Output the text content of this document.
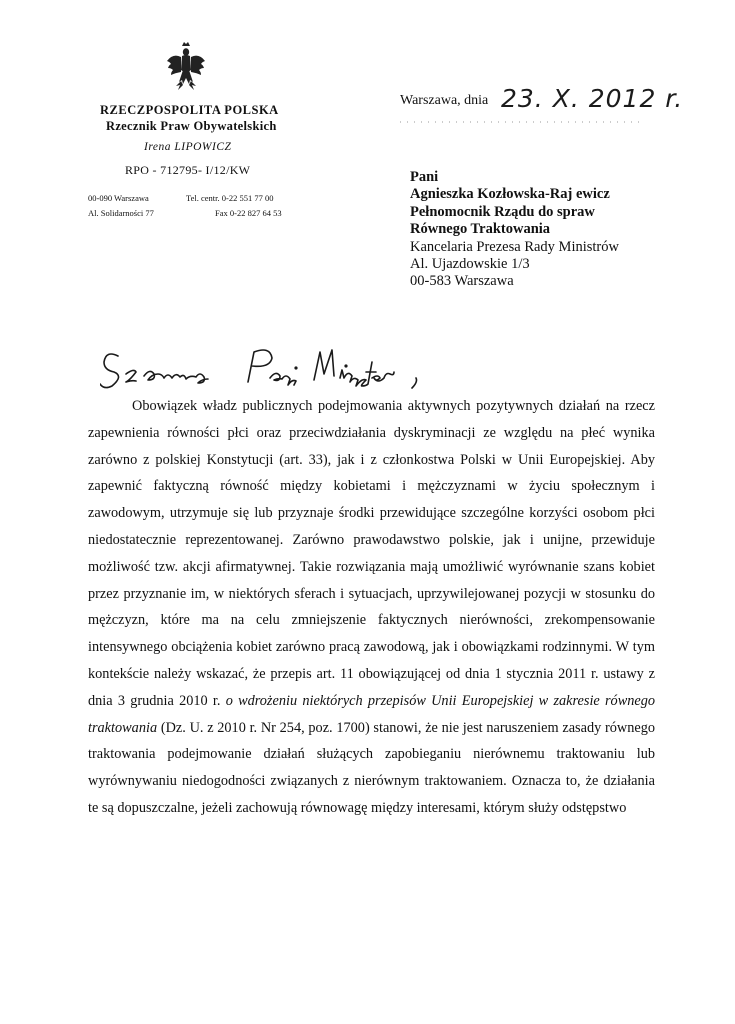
RZECZPOSPOLITA POLSKA
Rzecznik Praw Obywatelskich
Irena LIPOWICZ
RPO - 712795- I/12/KW
00-090 Warszawa	Tel. centr. 0-22 551 77 00
Al. Solidarności 77	Fax 0-22 827 64 53
Warszawa, dnia 23. X. 2012 r.
Pani
Agnieszka Kozłowska-Raj ewicz
Pełnomocnik Rządu do spraw
Równego Traktowania
Kancelaria Prezesa Rady Ministrów
Al. Ujazdowskie 1/3
00-583 Warszawa

Obowiązek władz publicznych podejmowania aktywnych pozytywnych działań na rzecz zapewnienia równości płci oraz przeciwdziałania dyskryminacji ze względu na płeć wynika zarówno z polskiej Konstytucji (art. 33), jak i z członkostwa Polski w Unii Europejskiej. Aby zapewnić faktyczną równość między kobietami i mężczyznami w życiu społecznym i zawodowym, utrzymuje się lub przyznaje środki przewidujące szczególne korzyści osobom płci niedostatecznie reprezentowanej. Zarówno prawodawstwo polskie, jak i unijne, przewiduje możliwość tzw. akcji afirmatywnej. Takie rozwiązania mają umożliwić wyrównanie szans kobiet przez przyznanie im, w niektórych sferach i sytuacjach, uprzywilejowanej pozycji w stosunku do mężczyzn, które ma na celu zmniejszenie faktycznych nierówności, zrekompensowanie intensywnego obciążenia kobiet zarówno pracą zawodową, jak i obowiązkami rodzinnymi. W tym kontekście należy wskazać, że przepis art. 11 obowiązującej od dnia 1 stycznia 2011 r. ustawy z dnia 3 grudnia 2010 r. o wdrożeniu niektórych przepisów Unii Europejskiej w zakresie równego traktowania (Dz. U. z 2010 r. Nr 254, poz. 1700) stanowi, że nie jest naruszeniem zasady równego traktowania podejmowanie działań służących zapobieganiu nierównemu traktowaniu lub wyrównywaniu niedogodności związanych z nierównym traktowaniem. Oznacza to, że działania te są dopuszczalne, jeżeli zachowują równowagę między interesami, którym służy odstępstwo
